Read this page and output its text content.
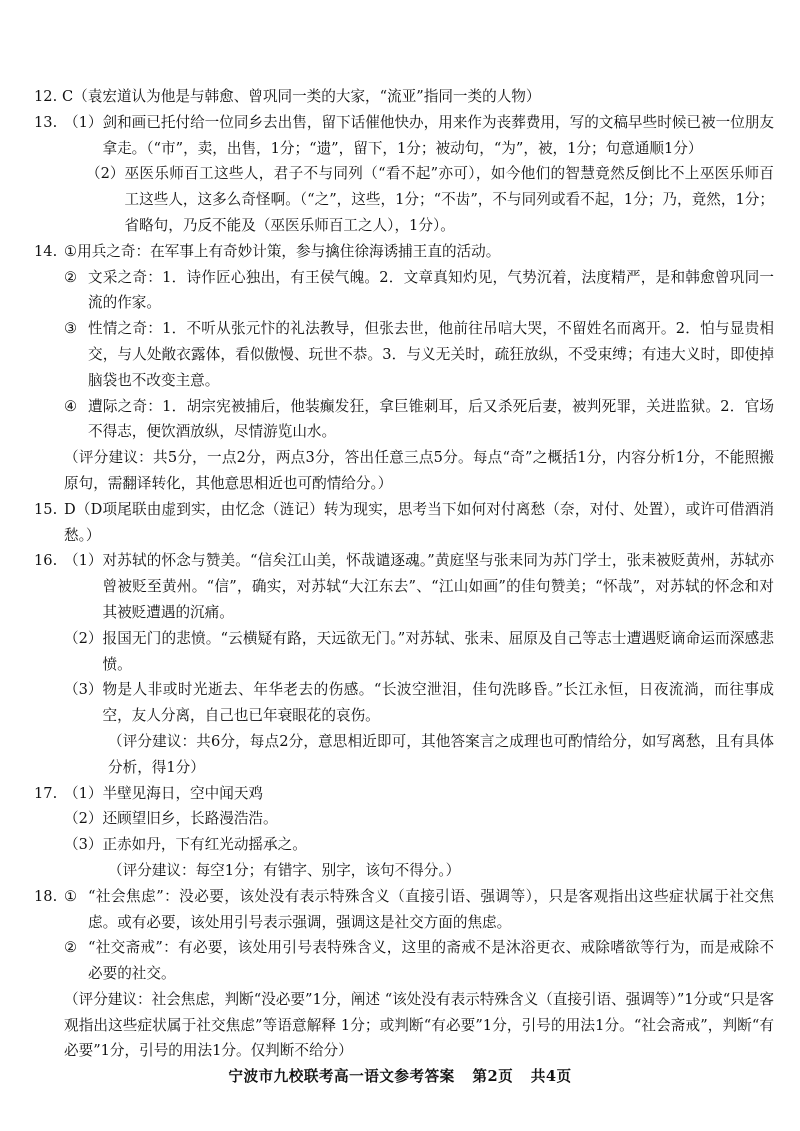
12. C（袁宏道认为他是与韩愈、曾巩同一类的大家，“流亚”指同一类的人物）
13. （1） 剑和画已托付给一位同乡去出售，留下话催他快办，用来作为丧葬费用，写的文稿早些时候已被一位朋友拿走。（“市”，卖，出售，1分；“遗”，留下，1分；被动句，“为”，被，1分；句意通顺1分）
（2） 巫医乐师百工这些人，君子不与同列（“看不起”亦可），如今他们的智慧竟然反倒比不上巫医乐师百工这些人，这多么奇怪啊。（“之”，这些，1分；“不齿”，不与同列或看不起，1分；乃，竟然，1分；省略句，乃反不能及（巫医乐师百工之人），1分）。
14. ① 用兵之奇：在军事上有奇妙计策，参与擒住徐海诱捕王直的活动。
② 文采之奇：1．诗作匠心独出，有王侯气魄。2．文章真知灼见，气势沉着，法度精严，是和韩愈曾巩同一流的作家。
③ 性情之奇：1．不听从张元忭的礼法教导，但张去世，他前往吊唁大哭，不留姓名而离开。2．怕与显贵相交，与人处敞衣露体，看似傲慢、玩世不恭。3．与义无关时，疏狂放纵，不受束缚；有违大义时，即使掉脑袋也不改变主意。
④ 遭际之奇：1．胡宗宪被捕后，他装癫发狂，拿巨锥刺耳，后又杀死后妻，被判死罪，关进监狱。2．官场不得志，便饮酒放纵，尽情游览山水。
（评分建议：共5分，一点2分，两点3分，答出任意三点5分。每点“奇”之概括1分，内容分析1分，不能照搬原句，需翻译转化，其他意思相近也可酌情给分。）
15. D（D项尾联由虚到实，由忆念（涟记）转为现实，思考当下如何对付离愁（奈，对付、处置），或许可借酒消愁。）
16. （1） 对苏轼的怀念与赞美。“信矣江山美，怀哉谴逐魂。”黄庭坚与张耒同为苏门学士，张耒被贬黄州，苏轼亦曾被贬至黄州。“信”，确实，对苏轼“大江东去”、“江山如画”的佳句赞美；“怀哉”，对苏轼的怀念和对其被贬遭遇的沉痛。
（2） 报国无门的悲愤。“云横疑有路，天远欲无门。”对苏轼、张耒、屈原及自己等志士遭遇贬谪命运而深感悲愤。
（3） 物是人非或时光逝去、年华老去的伤感。“长波空泄泪，佳句洗眵昏。”长江永恒，日夜流淌，而往事成空，友人分离，自己也已年衰眼花的哀伤。
（评分建议：共6分，每点2分，意思相近即可，其他答案言之成理也可酌情给分，如写离愁，且有具体分析，得1分）
17. （1） 半壁见海日，空中闻天鸡
（2） 还顾望旧乡，长路漫浩浩。
（3） 正赤如丹，下有红光动摇承之。
（评分建议：每空1分；有错字、别字，该句不得分。）
18. ① “社会焦虑”：没必要，该处没有表示特殊含义（直接引语、强调等），只是客观指出这些症状属于社交焦虑。或有必要，该处用引号表示强调，强调这是社交方面的焦虑。
② “社交斋戒”：有必要，该处用引号表特殊含义，这里的斋戒不是沐浴更衣、戒除嗜欲等行为，而是戒除不必要的社交。
（评分建议：社会焦虑，判断“没必要”1分，阐述 “该处没有表示特殊含义（直接引语、强调等）”1分或“只是客观指出这些症状属于社交焦虑”等语意解释 1分；或判断“有必要”1分，引号的用法1分。“社会斋戒”，判断“有必要”1分，引号的用法1分。仅判断不给分）
宁波市九校联考高一语文参考答案 第2页 共4页
